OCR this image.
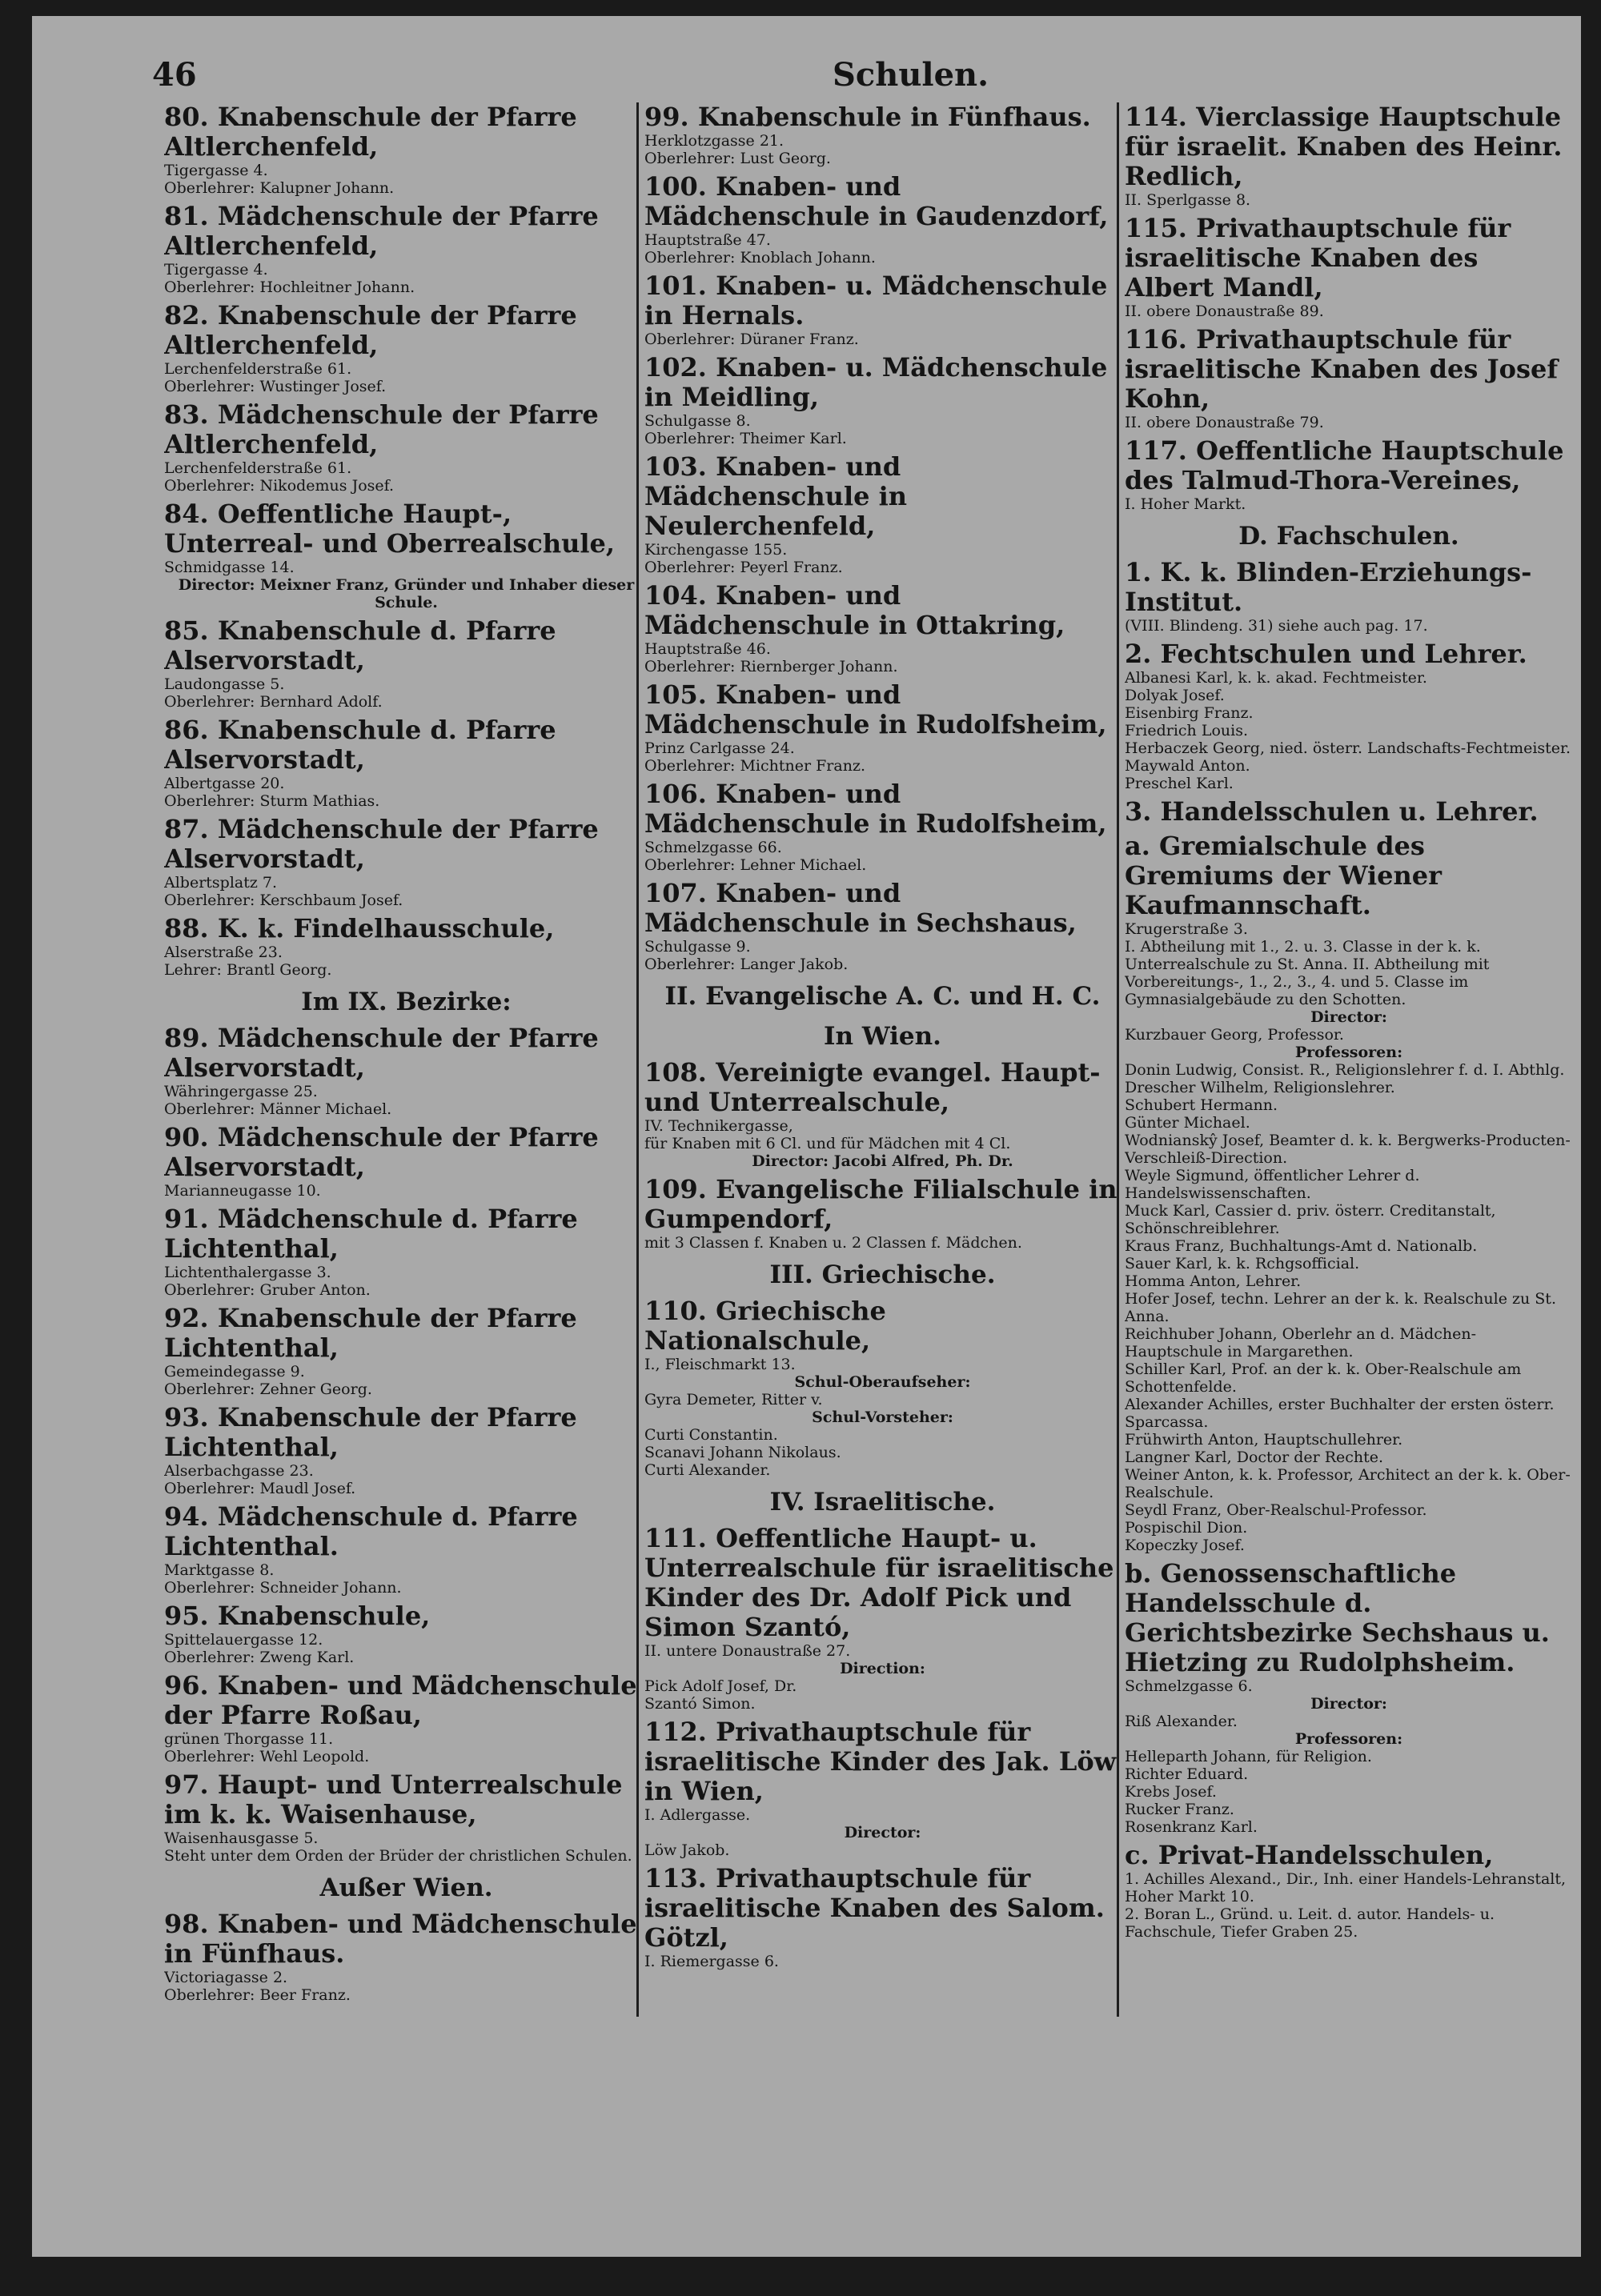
46	Schulen.
80. Knabenschule der Pfarre Altlerchenfeld,

Tigergasse 4.

Oberlehrer: Kalupner Johann.

81. Mädchenschule der Pfarre Altlerchenfeld,

Tigergasse 4.

Oberlehrer: Hochleitner Johann.

82. Knabenschule der Pfarre Altlerchenfeld,

Lerchenfelderstraße 61.

Oberlehrer: Wustinger Josef.

83. Mädchenschule der Pfarre Altlerchenfeld,

Lerchenfelderstraße 61.

Oberlehrer: Nikodemus Josef.

84. Oeffentliche Haupt-, Unterreal- und Oberrealschule,

Schmidgasse 14.

Director: Meixner Franz, Gründer und Inhaber dieser Schule.

85. Knabenschule d. Pfarre Alservorstadt,

Laudongasse 5.

Oberlehrer: Bernhard Adolf.

86. Knabenschule d. Pfarre Alservorstadt,

Albertgasse 20.

Oberlehrer: Sturm Mathias.

87. Mädchenschule der Pfarre Alservorstadt,

Albertsplatz 7.

Oberlehrer: Kerschbaum Josef.

88. K. k. Findelhausschule,

Alserstraße 23.

Lehrer: Brantl Georg.

Im IX. Bezirke:
89. Mädchenschule der Pfarre Alservorstadt,

Währingergasse 25.

Oberlehrer: Männer Michael.

90. Mädchenschule der Pfarre Alservorstadt,

Marianneugasse 10.

91. Mädchenschule d. Pfarre Lichtenthal,

Lichtenthalergasse 3.

Oberlehrer: Gruber Anton.

92. Knabenschule der Pfarre Lichtenthal,

Gemeindegasse 9.

Oberlehrer: Zehner Georg.

93. Knabenschule der Pfarre Lichtenthal,

Alserbachgasse 23.

Oberlehrer: Maudl Josef.

94. Mädchenschule d. Pfarre Lichtenthal.

Marktgasse 8.

Oberlehrer: Schneider Johann.

95. Knabenschule,

Spittelauergasse 12.

Oberlehrer: Zweng Karl.

96. Knaben- und Mädchenschule der Pfarre Roßau,

grünen Thorgasse 11.

Oberlehrer: Wehl Leopold.

97. Haupt- und Unterrealschule im k. k. Waisenhause,

Waisenhausgasse 5.

Steht unter dem Orden der Brüder der christlichen Schulen.

Außer Wien.
98. Knaben- und Mädchenschule in Fünfhaus.

Victoriagasse 2.

Oberlehrer: Beer Franz.

99. Knabenschule in Fünfhaus.

Herklotzgasse 21.

Oberlehrer: Lust Georg.

100. Knaben- und Mädchenschule in Gaudenzdorf,

Hauptstraße 47.

Oberlehrer: Knoblach Johann.

101. Knaben- u. Mädchenschule in Hernals.

Oberlehrer: Düraner Franz.

102. Knaben- u. Mädchenschule in Meidling,

Schulgasse 8.

Oberlehrer: Theimer Karl.

103. Knaben- und Mädchenschule in Neulerchenfeld,

Kirchengasse 155.

Oberlehrer: Peyerl Franz.

104. Knaben- und Mädchenschule in Ottakring,

Hauptstraße 46.

Oberlehrer: Riernberger Johann.

105. Knaben- und Mädchenschule in Rudolfsheim,

Prinz Carlgasse 24.

Oberlehrer: Michtner Franz.

106. Knaben- und Mädchenschule in Rudolfsheim,

Schmelzgasse 66.

Oberlehrer: Lehner Michael.

107. Knaben- und Mädchenschule in Sechshaus,

Schulgasse 9.

Oberlehrer: Langer Jakob.

II. Evangelische A. C. und H. C.
In Wien.
108. Vereinigte evangel. Haupt- und Unterrealschule,

IV. Technikergasse,

für Knaben mit 6 Cl. und für Mädchen mit 4 Cl.

Director: Jacobi Alfred, Ph. Dr.

109. Evangelische Filialschule in Gumpendorf,

mit 3 Classen f. Knaben u. 2 Classen f. Mädchen.

III. Griechische.
110. Griechische Nationalschule,

I., Fleischmarkt 13.

Schul-Oberaufseher:

Gyra Demeter, Ritter v.

Schul-Vorsteher:

Curti Constantin.

Scanavi Johann Nikolaus.

Curti Alexander.

IV. Israelitische.
111. Oeffentliche Haupt- u. Unterrealschule für israelitische Kinder des Dr. Adolf Pick und Simon Szantó,

II. untere Donaustraße 27.

Direction:

Pick Adolf Josef, Dr.

Szantó Simon.

112. Privathauptschule für israelitische Kinder des Jak. Löw in Wien,

I. Adlergasse.

Director:

Löw Jakob.

113. Privathauptschule für israelitische Knaben des Salom. Götzl,

I. Riemergasse 6.

114. Vierclassige Hauptschule für israelit. Knaben des Heinr. Redlich,

II. Sperlgasse 8.

115. Privathauptschule für israelitische Knaben des Albert Mandl,

II. obere Donaustraße 89.

116. Privathauptschule für israelitische Knaben des Josef Kohn,

II. obere Donaustraße 79.

117. Oeffentliche Hauptschule des Talmud-Thora-Vereines,

I. Hoher Markt.

D. Fachschulen.
1. K. k. Blinden-Erziehungs-Institut.

(VIII. Blindeng. 31) siehe auch pag. 17.

2. Fechtschulen und Lehrer.

Albanesi Karl, k. k. akad. Fechtmeister.

Dolyak Josef.

Eisenbirg Franz.

Friedrich Louis.

Herbaczek Georg, nied. österr. Landschafts-Fechtmeister.

Maywald Anton.

Preschel Karl.

3. Handelsschulen u. Lehrer.
a. Gremialschule des Gremiums der Wiener Kaufmannschaft.

Krugerstraße 3.

I. Abtheilung mit 1., 2. u. 3. Classe in der k. k. Unterrealschule zu St. Anna. II. Abtheilung mit Vorbereitungs-, 1., 2., 3., 4. und 5. Classe im Gymnasialgebäude zu den Schotten.

Director:

Kurzbauer Georg, Professor.

Professoren:

Donin Ludwig, Consist. R., Religionslehrer f. d. I. Abthlg.

Drescher Wilhelm, Religionslehrer.

Schubert Hermann.

Günter Michael.

Wodnianskŷ Josef, Beamter d. k. k. Bergwerks-Producten-Verschleiß-Direction.

Weyle Sigmund, öffentlicher Lehrer d. Handelswissenschaften.

Muck Karl, Cassier d. priv. österr. Creditanstalt, Schönschreiblehrer.

Kraus Franz, Buchhaltungs-Amt d. Nationalb.

Sauer Karl, k. k. Rchgsofficial.

Homma Anton, Lehrer.

Hofer Josef, techn. Lehrer an der k. k. Realschule zu St. Anna.

Reichhuber Johann, Oberlehr an d. Mädchen-Hauptschule in Margarethen.

Schiller Karl, Prof. an der k. k. Ober-Realschule am Schottenfelde.

Alexander Achilles, erster Buchhalter der ersten österr. Sparcassa.

Frühwirth Anton, Hauptschullehrer.

Langner Karl, Doctor der Rechte.

Weiner Anton, k. k. Professor, Architect an der k. k. Ober-Realschule.

Seydl Franz, Ober-Realschul-Professor.

Pospischil Dion.

Kopeczky Josef.

b. Genossenschaftliche Handelsschule d. Gerichtsbezirke Sechshaus u. Hietzing zu Rudolphsheim.

Schmelzgasse 6.

Director:

Riß Alexander.

Professoren:

Helleparth Johann, für Religion.

Richter Eduard.

Krebs Josef.

Rucker Franz.

Rosenkranz Karl.

c. Privat-Handelsschulen,

1. Achilles Alexand., Dir., Inh. einer Handels-Lehranstalt, Hoher Markt 10.

2. Boran L., Gründ. u. Leit. d. autor. Handels- u. Fachschule, Tiefer Graben 25.
